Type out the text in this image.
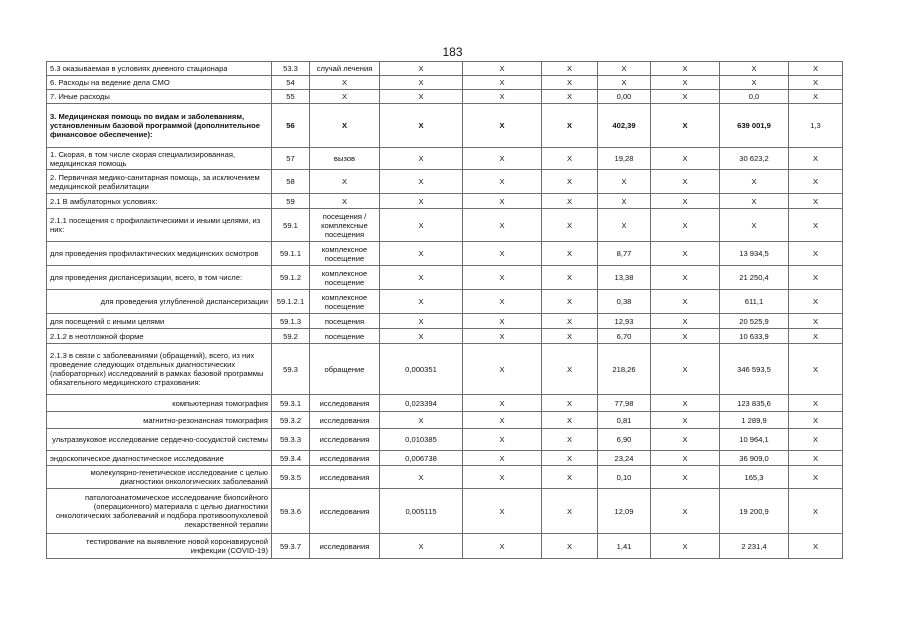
183
5.3 оказываемая в условиях дневного стационара	53.3	случай лечения	X	X	X	X	X	X	X
6. Расходы на ведение дела СМО	54	X	X	X	X	X	X	X	X
7. Иные расходы	55	X	X	X	X	0,00	X	0,0	X
3. Медицинская помощь по видам и заболеваниям, установленным базовой программой (дополнительное финансовое обеспечение):	56	X	X	X	X	402,39	X	639 001,9	1,3
1. Скорая, в том числе скорая специализированная, медицинская помощь	57	вызов	X	X	X	19,28	X	30 623,2	X
2. Первичная медико-санитарная помощь, за исключением медицинской реабилитации	58	X	X	X	X	X	X	X	X
2.1 В амбулаторных условиях:	59	X	X	X	X	X	X	X	X
2.1.1 посещения с профилактическими и иными целями, из них:	59.1	посещения / комплексные посещения	X	X	X	X	X	X	X
для проведения профилактических медицинских осмотров	59.1.1	комплексное посещение	X	X	X	8,77	X	13 934,5	X
для проведения диспансеризации, всего, в том числе:	59.1.2	комплексное посещение	X	X	X	13,38	X	21 250,4	X
для проведения углубленной диспансеризации	59.1.2.1	комплексное посещение	X	X	X	0,38	X	611,1	X
для посещений с иными целями	59.1.3	посещения	X	X	X	12,93	X	20 525,9	X
2.1.2 в неотложной форме	59.2	посещение	X	X	X	6,70	X	10 633,9	X
2.1.3 в связи с заболеваниями (обращений), всего, из них проведение следующих отдельных диагностических (лабораторных) исследований в рамках базовой программы обязательного медицинского страхования:	59.3	обращение	0,000351	X	X	218,26	X	346 593,5	X
компьютерная томография	59.3.1	исследования	0,023394	X	X	77,98	X	123 835,6	X
магнитно-резонансная томография	59.3.2	исследования	X	X	X	0,81	X	1 289,9	X
ультразвуковое исследование сердечно-сосудистой системы	59.3.3	исследования	0,010385	X	X	6,90	X	10 964,1	X
эндоскопическое диагностическое исследование	59.3.4	исследования	0,006738	X	X	23,24	X	36 909,0	X
молекулярно-генетическое исследование с целью диагностики онкологических заболеваний	59.3.5	исследования	X	X	X	0,10	X	165,3	X
патологоанатомическое исследование биопсийного (операционного) материала с целью диагностики онкологических заболеваний и подбора противоопухолевой лекарственной терапии	59.3.6	исследования	0,005115	X	X	12,09	X	19 200,9	X
тестирование на выявление новой коронавирусной инфекции (COVID-19)	59.3.7	исследования	X	X	X	1,41	X	2 231,4	X
